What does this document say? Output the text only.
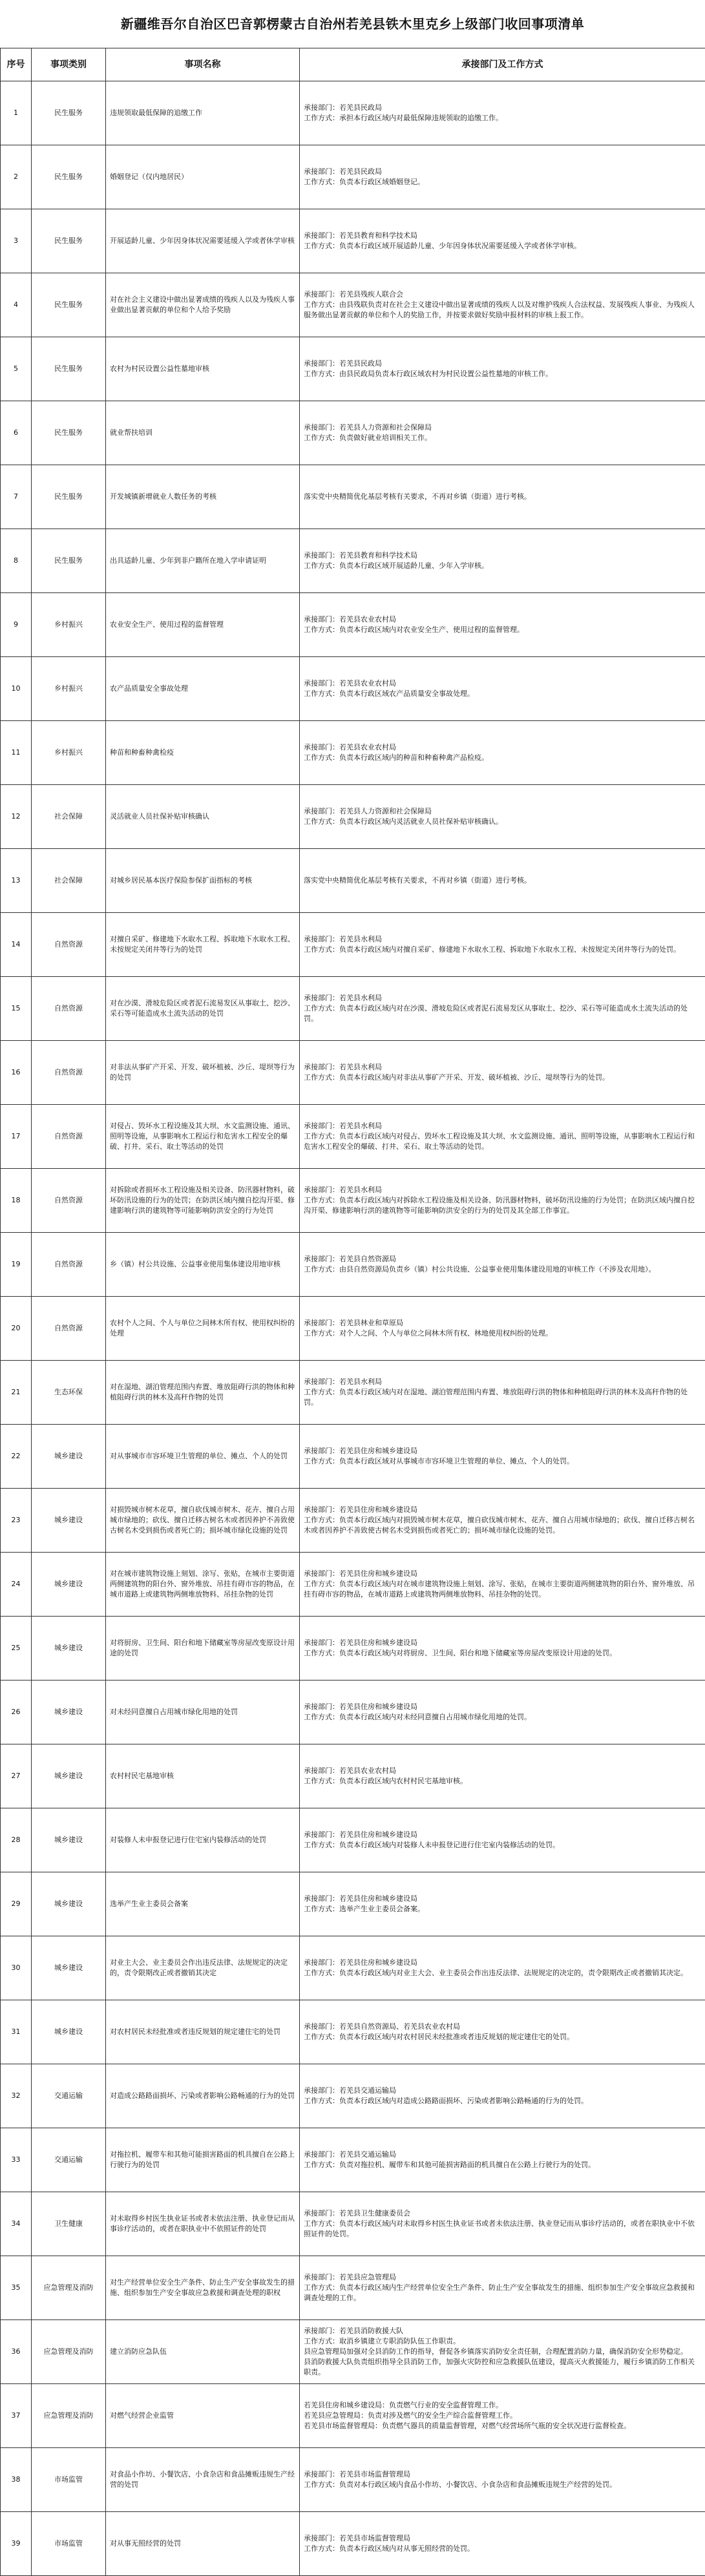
新疆维吾尔自治区巴音郭楞蒙古自治州若羌县铁木里克乡上级部门收回事项清单
序号	事项类别	事项名称	承接部门及工作方式
1	民生服务	违规领取最低保障的追缴工作	承接部门：若羌县民政局
工作方式：承担本行政区域内对最低保障违规领取的追缴工作。

2	民生服务	婚姻登记（仅内地居民）	承接部门：若羌县民政局
工作方式：负责本行政区域婚姻登记。

3	民生服务	开展适龄儿童、少年因身体状况需要延缓入学或者休学审核	承接部门：若羌县教育和科学技术局
工作方式：负责本行政区域开展适龄儿童、少年因身体状况需要延缓入学或者休学审核。

4	民生服务	对在社会主义建设中做出显著成绩的残疾人以及为残疾人事业做出显著贡献的单位和个人给予奖励	承接部门：若羌县残疾人联合会
工作方式：由县残联负责对在社会主义建设中做出显著成绩的残疾人以及对维护残疾人合法权益、发展残疾人事业、为残疾人服务做出显著贡献的单位和个人的奖励工作，并按要求做好奖励申报材料的审核上报工作。

5	民生服务	农村为村民设置公益性墓地审核	承接部门：若羌县民政局
工作方式：由县民政局负责本行政区域农村为村民设置公益性墓地的审核工作。

6	民生服务	就业帮扶培训	承接部门：若羌县人力资源和社会保障局
工作方式：负责做好就业培训相关工作。

7	民生服务	开发城镇新增就业人数任务的考核	落实党中央精简优化基层考核有关要求，不再对乡镇（街道）进行考核。

8	民生服务	出具适龄儿童、少年到非户籍所在地入学申请证明	承接部门：若羌县教育和科学技术局
工作方式：负责本行政区域开展适龄儿童、少年入学审核。

9	乡村振兴	农业安全生产、使用过程的监督管理	承接部门：若羌县农业农村局
工作方式：负责本行政区域内对农业安全生产、使用过程的监督管理。

10	乡村振兴	农产品质量安全事故处理	承接部门：若羌县农业农村局
工作方式：负责本行政区域农产品质量安全事故处理。

11	乡村振兴	种苗和种畜种禽检疫	承接部门：若羌县农业农村局
工作方式：负责本行政区域内的种苗和种畜种禽产品检疫。

12	社会保障	灵活就业人员社保补贴审核确认	承接部门：若羌县人力资源和社会保障局
工作方式：负责本行政区域内灵活就业人员社保补贴审核确认。

13	社会保障	对城乡居民基本医疗保险参保扩面指标的考核	落实党中央精简优化基层考核有关要求，不再对乡镇（街道）进行考核。

14	自然资源	对擅自采矿、修建地下水取水工程、拆取地下水取水工程、未按规定关闭井等行为的处罚	承接部门：若羌县水利局
工作方式：负责本行政区域内对擅自采矿、修建地下水取水工程、拆取地下水取水工程、未按规定关闭井等行为的处罚。

15	自然资源	对在沙漠、滑坡危险区或者泥石流易发区从事取土、挖沙、采石等可能造成水土流失活动的处罚	承接部门：若羌县水利局
工作方式：负责本行政区域内对在沙漠、滑坡危险区或者泥石流易发区从事取土、挖沙、采石等可能造成水土流失活动的处罚。

16	自然资源	对非法从事矿产开采、开发、破坏植被、沙丘、堤坝等行为的处罚	承接部门：若羌县水利局
工作方式：负责本行政区域内对非法从事矿产开采、开发、破坏植被、沙丘、堤坝等行为的处罚。

17	自然资源	对侵占、毁坏水工程设施及其大坝、水文监测设施、通讯、照明等设施，从事影响水工程运行和危害水工程安全的爆破、打井、采石、取土等活动的处罚	承接部门：若羌县水利局
工作方式：负责本行政区域内对侵占、毁坏水工程设施及其大坝、水文监测设施、通讯、照明等设施，从事影响水工程运行和危害水工程安全的爆破、打井、采石、取土等活动的处罚。

18	自然资源	对拆除或者损坏水工程设施及相关设备、防汛器材物料，破坏防汛设施的行为的处罚；在防洪区域内擅自挖沟开渠、修建影响行洪的建筑物等可能影响防洪安全的行为处罚	承接部门：若羌县水利局
工作方式：负责本行政区域内对拆除水工程设施及相关设备、防汛器材物料，破坏防汛设施的行为处罚；在防洪区域内擅自挖沟开渠、修建影响行洪的建筑物等可能影响防洪安全的行为的处罚及其全部工作事宜。

19	自然资源	乡（镇）村公共设施、公益事业使用集体建设用地审核	承接部门：若羌县自然资源局
工作方式：由县自然资源局负责乡（镇）村公共设施、公益事业使用集体建设用地的审核工作（不涉及农用地）。

20	自然资源	农村个人之间、个人与单位之间林木所有权、使用权纠纷的处理	承接部门：若羌县林业和草原局
工作方式：对个人之间、个人与单位之间林木所有权、林地使用权纠纷的处理。

21	生态环保	对在湿地、湖泊管理范围内弃置、堆放阻碍行洪的物体和种植阻碍行洪的林木及高秆作物的处罚	承接部门：若羌县水利局
工作方式：负责本行政区域内对在湿地、湖泊管理范围内弃置、堆放阻碍行洪的物体和种植阻碍行洪的林木及高秆作物的处罚。

22	城乡建设	对从事城市市容环境卫生管理的单位、摊点、个人的处罚	承接部门：若羌县住房和城乡建设局
工作方式：负责本行政区域对从事城市市容环境卫生管理的单位、摊点、个人的处罚。

23	城乡建设	对损毁城市树木花草，擅自砍伐城市树木、花卉、擅自占用城市绿地的；砍伐、擅自迁移古树名木或者因养护不善致使古树名木受到损伤或者死亡的；损坏城市绿化设施的处罚	承接部门：若羌县住房和城乡建设局
工作方式：负责本行政区域内对损毁城市树木花草，擅自砍伐城市树木、花卉、擅自占用城市绿地的；砍伐、擅自迁移古树名木或者因养护不善致使古树名木受到损伤或者死亡的；损坏城市绿化设施的处罚。

24	城乡建设	对在城市建筑物设施上刻划、涂写、张贴，在城市主要街道两侧建筑物的阳台外、窗外堆放、吊挂有碍市容的物品，在城市道路上或建筑物两侧堆放物料、吊挂杂物的处罚	承接部门：若羌县住房和城乡建设局
工作方式：负责本行政区域内对在城市建筑物设施上刻划、涂写、张贴，在城市主要街道两侧建筑物的阳台外、窗外堆放、吊挂有碍市容的物品，在城市道路上或建筑物两侧堆放物料、吊挂杂物的处罚。

25	城乡建设	对将厨房、卫生间、阳台和地下储藏室等房屋改变原设计用途的处罚	承接部门：若羌县住房和城乡建设局
工作方式：负责本行政区域内对将厨房、卫生间、阳台和地下储藏室等房屋改变原设计用途的处罚。

26	城乡建设	对未经同意擅自占用城市绿化用地的处罚	承接部门：若羌县住房和城乡建设局
工作方式：负责本行政区域内对未经同意擅自占用城市绿化用地的处罚。

27	城乡建设	农村村民宅基地审核	承接部门：若羌县农业农村局
工作方式：负责本行政区域内农村村民宅基地审核。

28	城乡建设	对装修人未申报登记进行住宅室内装修活动的处罚	承接部门：若羌县住房和城乡建设局
工作方式：负责本行政区域内对装修人未申报登记进行住宅室内装修活动的处罚。

29	城乡建设	选举产生业主委员会备案	承接部门：若羌县住房和城乡建设局
工作方式：选举产生业主委员会备案。

30	城乡建设	对业主大会、业主委员会作出违反法律、法规规定的决定的，责令限期改正或者撤销其决定	承接部门：若羌县住房和城乡建设局
工作方式：负责本行政区域内对业主大会、业主委员会作出违反法律、法规规定的决定的，责令限期改正或者撤销其决定。

31	城乡建设	对农村居民未经批准或者违反规划的规定建住宅的处罚	承接部门：若羌县自然资源局、若羌县农业农村局
工作方式：负责本行政区域内对农村居民未经批准或者违反规划的规定建住宅的处罚。

32	交通运输	对造成公路路面损坏、污染或者影响公路畅通的行为的处罚	承接部门：若羌县交通运输局
工作方式：负责本行政区域内对造成公路路面损坏、污染或者影响公路畅通的行为的处罚。

33	交通运输	对拖拉机、履带车和其他可能损害路面的机具擅自在公路上行驶行为的处罚	承接部门：若羌县交通运输局
工作方式：负责对拖拉机、履带车和其他可能损害路面的机具擅自在公路上行驶行为的处罚。

34	卫生健康	对未取得乡村医生执业证书或者未依法注册、执业登记而从事诊疗活动的，或者在职执业中不依照证件的处罚	承接部门：若羌县卫生健康委员会
工作方式：负责本行政区域内对未取得乡村医生执业证书或者未依法注册、执业登记而从事诊疗活动的，或者在职执业中不依照证件的处罚。

35	应急管理及消防	对生产经营单位安全生产条件、防止生产安全事故发生的措施、组织参加生产安全事故应急救援和调查处理的职权	承接部门：若羌县应急管理局
工作方式：负责本行政区域内生产经营单位安全生产条件、防止生产安全事故发生的措施、组织参加生产安全事故应急救援和调查处理的工作。

36	应急管理及消防	建立消防应急队伍	承接部门：若羌县消防救援大队
工作方式：取消乡镇建立专职消防队伍工作职责。
县应急管理局加强对全县消防工作的指导，督促各乡镇落实消防安全责任制，合理配置消防力量，确保消防安全形势稳定。
县消防救援大队负责组织指导全县消防工作，加强火灾防控和应急救援队伍建设，提高灭火救援能力，履行乡镇消防工作相关职责。

37	应急管理及消防	对燃气经营企业监管	若羌县住房和城乡建设局：负责燃气行业的安全监督管理工作。
若羌县应急管理局：负责对涉及燃气的安全生产综合监督管理工作。
若羌县市场监督管理局：负责燃气器具的质量监督管理，对燃气经营场所气瓶的安全状况进行监督检查。

38	市场监管	对食品小作坊、小餐饮店、小食杂店和食品摊贩违规生产经营的处罚	承接部门：若羌县市场监督管理局
工作方式：负责对本行政区域内食品小作坊、小餐饮店、小食杂店和食品摊贩违规生产经营的处罚。

39	市场监管	对从事无照经营的处罚	承接部门：若羌县市场监督管理局
工作方式：负责本行政区域内对从事无照经营的处罚。
